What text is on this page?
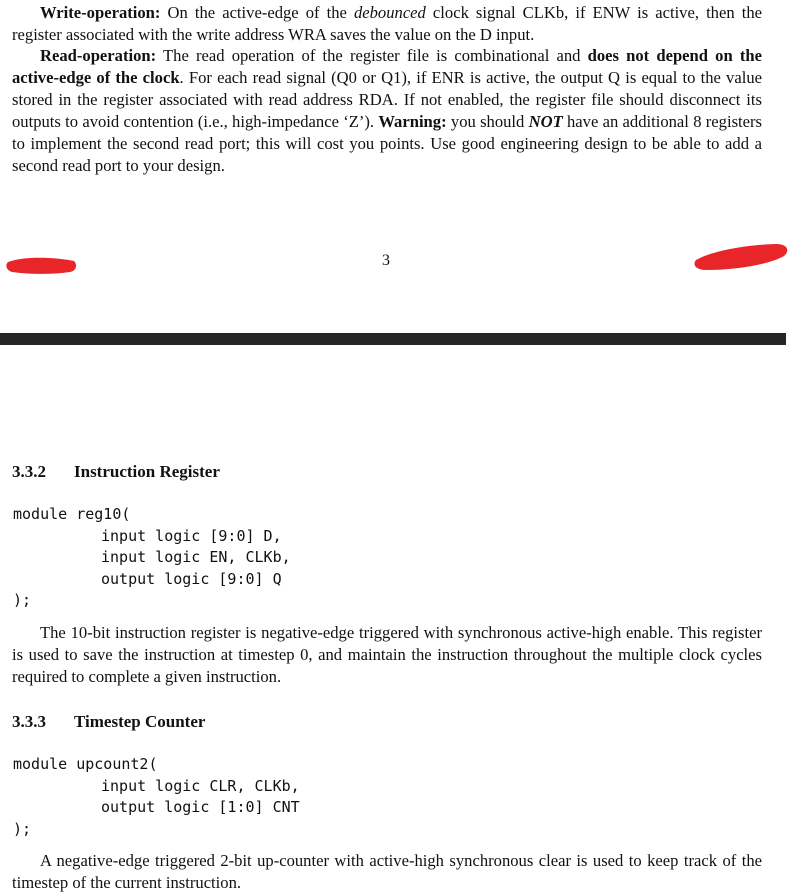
Write-operation: On the active-edge of the debounced clock signal CLKb, if ENW is active, then the register associated with the write address WRA saves the value on the D input.

Read-operation: The read operation of the register file is combinational and does not depend on the active-edge of the clock. For each read signal (Q0 or Q1), if ENR is active, the output Q is equal to the value stored in the register associated with read address RDA. If not enabled, the register file should disconnect its outputs to avoid contention (i.e., high-impedance ‘Z’). Warning: you should NOT have an additional 8 registers to implement the second read port; this will cost you points. Use good engineering design to be able to add a second read port to your design.

3
3.3.2 Instruction Register
module reg10(
input logic [9:0] D,
input logic EN, CLKb,
output logic [9:0] Q
);

The 10-bit instruction register is negative-edge triggered with synchronous active-high enable. This register is used to save the instruction at timestep 0, and maintain the instruction throughout the multiple clock cycles required to complete a given instruction.

3.3.3 Timestep Counter
module upcount2(
input logic CLR, CLKb,
output logic [1:0] CNT
);

A negative-edge triggered 2-bit up-counter with active-high synchronous clear is used to keep track of the timestep of the current instruction.
